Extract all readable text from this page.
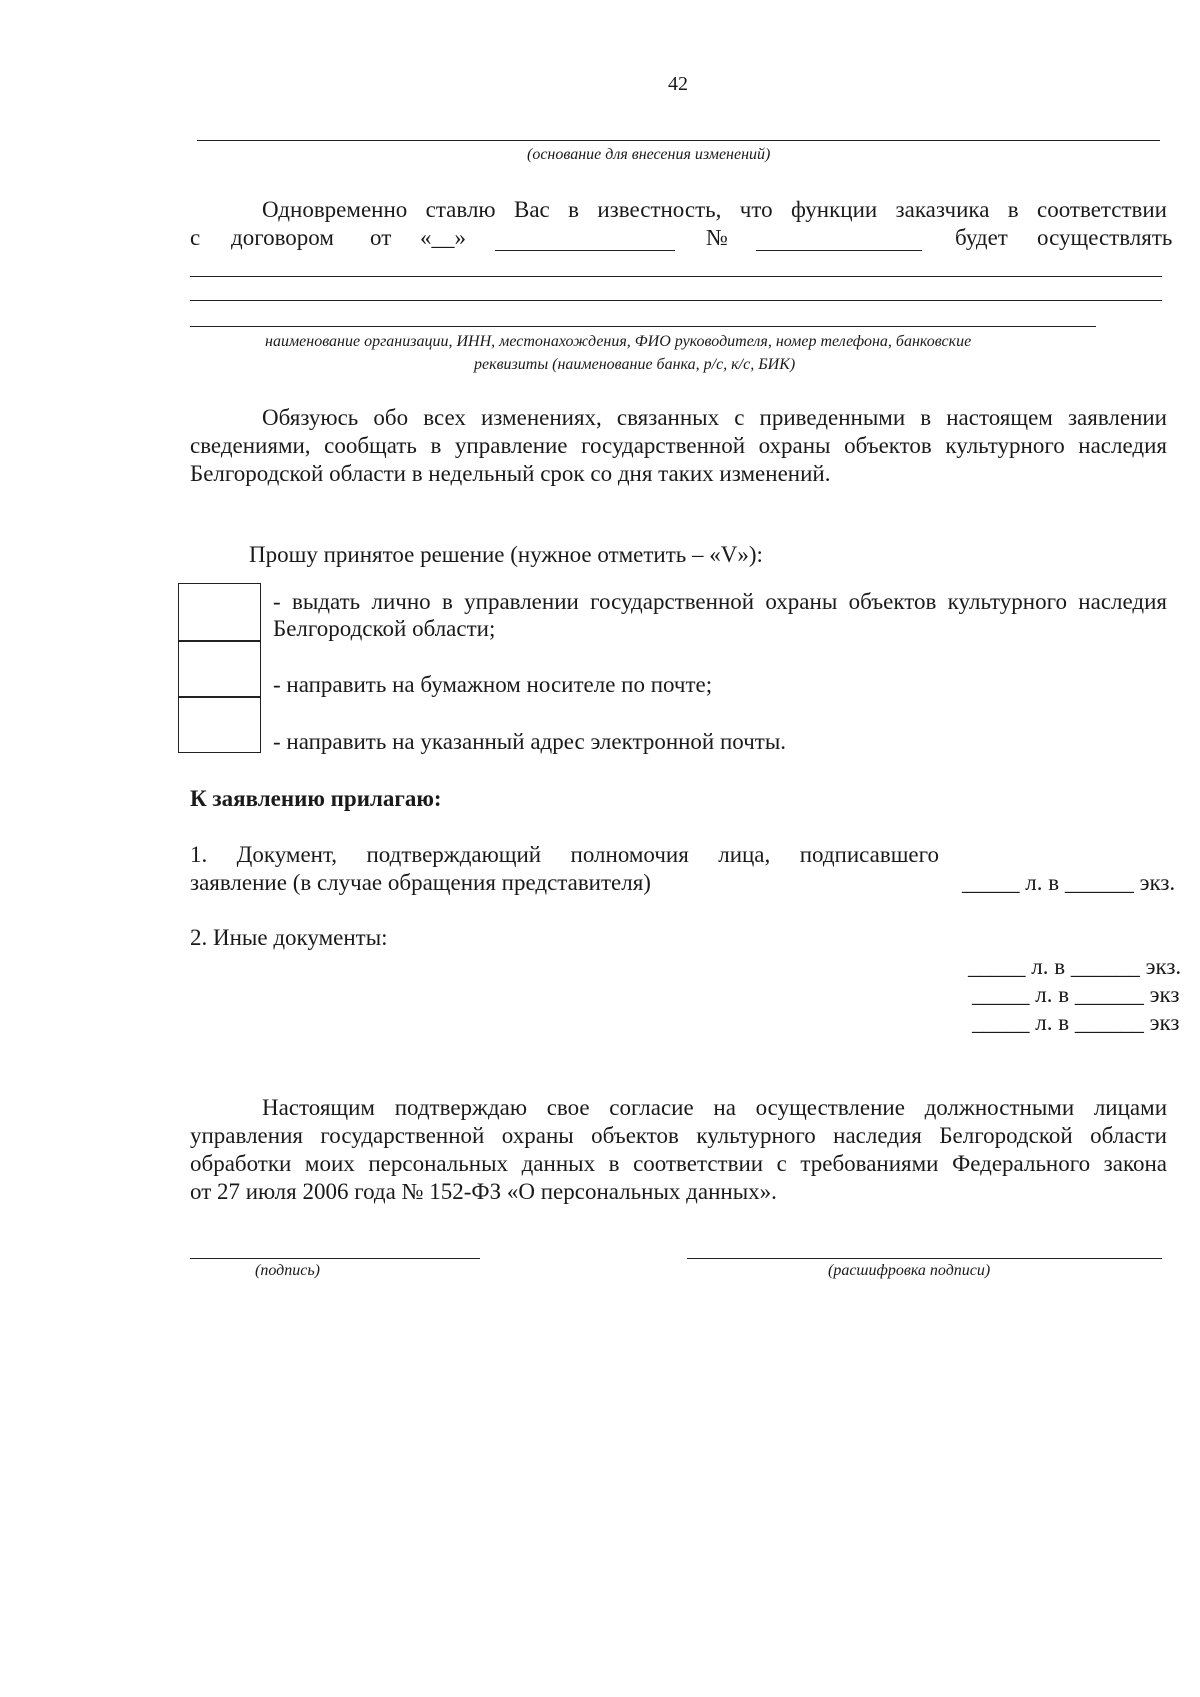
42
(основание для внесения изменений)
Одновременно ставлю Вас в известность, что функции заказчика в соответствии
с договором от «__»	№	будет осуществлять
наименование организации, ИНН, местонахождения, ФИО руководителя, номер телефона, банковские
реквизиты (наименование банка, р/с, к/с, БИК)
Обязуюсь обо всех изменениях, связанных с приведенными в настоящем заявлении
сведениями, сообщать в управление государственной охраны объектов культурного наследия
Белгородской области в недельный срок со дня таких изменений.
Прошу принятое решение (нужное отметить – «V»):
- выдать лично в управлении государственной охраны объектов культурного наследия
Белгородской области;
- направить на бумажном носителе по почте;
- направить на указанный адрес электронной почты.
К заявлению прилагаю:
1. Документ, подтверждающий полномочия лица, подписавшего
заявление (в случае обращения представителя)	_____ л. в ______ экз.
2. Иные документы:
_____ л. в ______ экз.
_____ л. в ______ экз
_____ л. в ______ экз
Настоящим подтверждаю свое согласие на осуществление должностными лицами
управления государственной охраны объектов культурного наследия Белгородской области
обработки моих персональных данных в соответствии с требованиями Федерального закона
от 27 июля 2006 года № 152-ФЗ «О персональных данных».
(подпись)	(расшифровка подписи)
